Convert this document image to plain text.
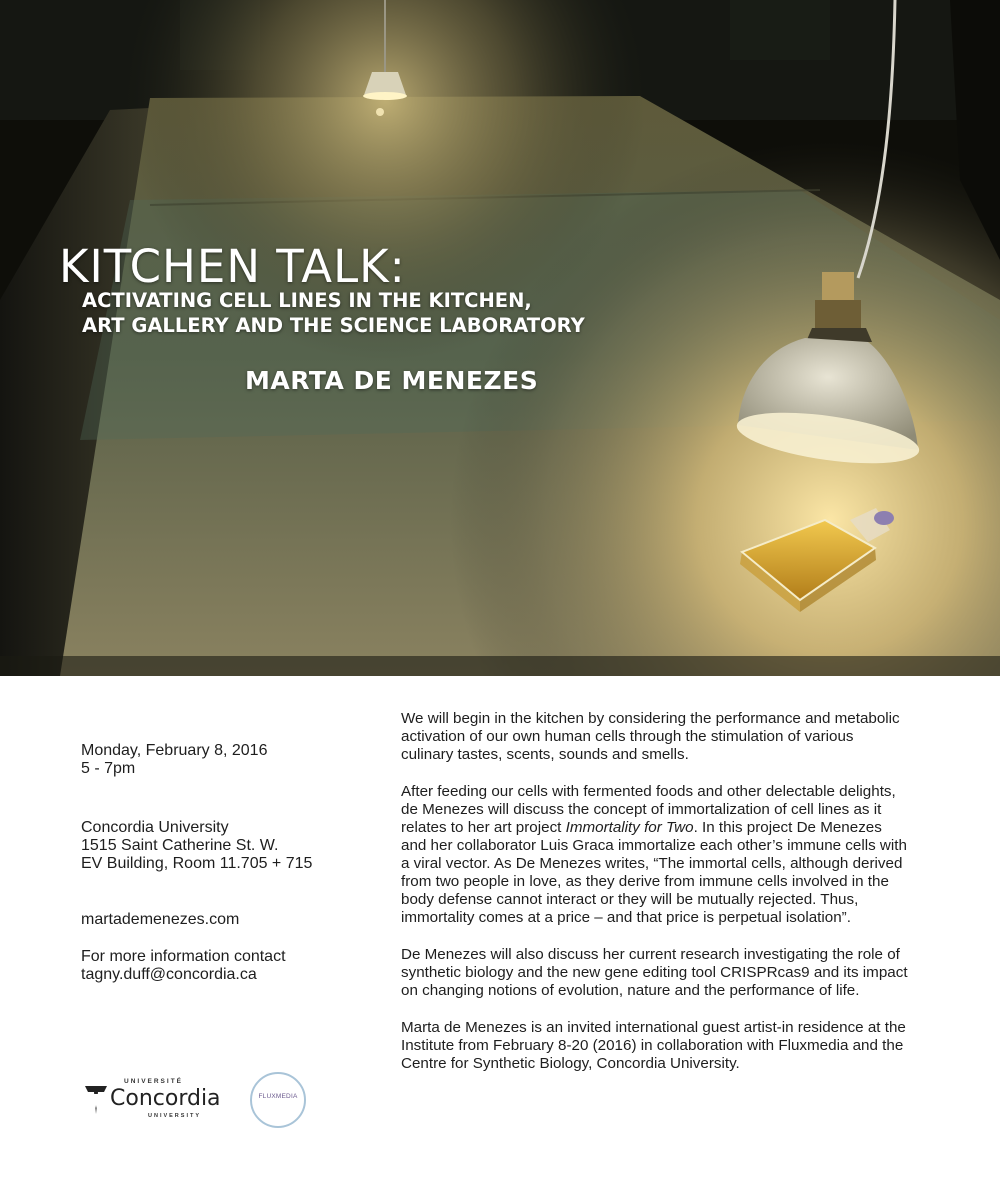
KITCHEN TALK:
ACTIVATING CELL LINES IN THE KITCHEN,
ART GALLERY AND THE SCIENCE LABORATORY
MARTA DE MENEZES
Monday, February 8, 2016
5 - 7pm
Concordia University
1515 Saint Catherine St. W.
EV Building, Room 11.705 + 715
martademenezes.com
For more information contact
tagny.duff@concordia.ca

We will begin in the kitchen by considering the performance and metabolic
activation of our own human cells through the stimulation of various
culinary tastes, scents, sounds and smells.

After feeding our cells with fermented foods and other delectable delights,
de Menezes will discuss the concept of immortalization of cell lines as it
relates to her art project Immortality for Two. In this project De Menezes
and her collaborator Luis Graca immortalize each other’s immune cells with
a viral vector. As De Menezes writes, “The immortal cells, although derived
from two people in love, as they derive from immune cells involved in the
body defense cannot interact or they will be mutually rejected. Thus,
immortality comes at a price – and that price is perpetual isolation”.

De Menezes will also discuss her current research investigating the role of
synthetic biology and the new gene editing tool CRISPRcas9 and its impact
on changing notions of evolution, nature and the performance of life.

Marta de Menezes is an invited international guest artist-in residence at the
Institute from February 8-20 (2016) in collaboration with Fluxmedia and the
Centre for Synthetic Biology, Concordia University.

UNIVERSITÉ
Concordia
UNIVERSITY
FLUXMEDIA
